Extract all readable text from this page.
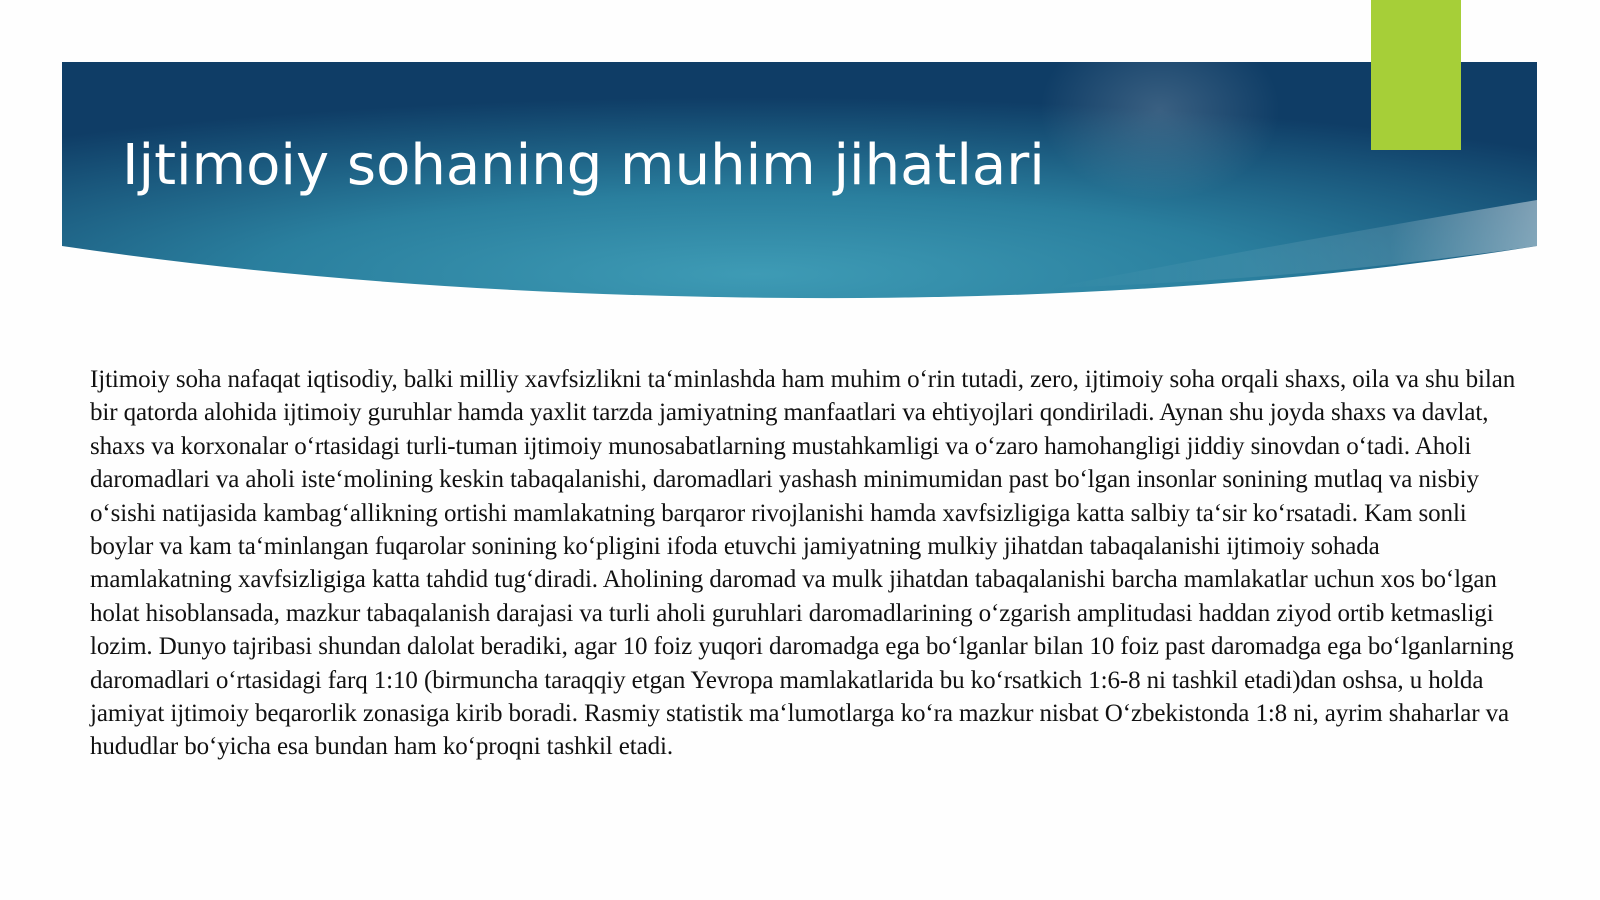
Ijtimoiy sohaning muhim jihatlari

Ijtimoiy soha nafaqat iqtisodiy, balki milliy xavfsizlikni taʻminlashda ham muhim oʻrin tutadi, zero, ijtimoiy soha orqali shaxs, oila va shu bilan bir qatorda alohida ijtimoiy guruhlar hamda yaxlit tarzda jamiyatning manfaatlari va ehtiyojlari qondiriladi. Aynan shu joyda shaxs va davlat, shaxs va korxonalar oʻrtasidagi turli-tuman ijtimoiy munosabatlarning mustahkamligi va oʻzaro hamohangligi jiddiy sinovdan oʻtadi. Aholi daromadlari va aholi isteʻmolining keskin tabaqalanishi, daromadlari yashash minimumidan past boʻlgan insonlar sonining mutlaq va nisbiy oʻsishi natijasida kambagʻallikning ortishi mamlakatning barqaror rivojlanishi hamda xavfsizligiga katta salbiy taʻsir koʻrsatadi. Kam sonli boylar va kam taʻminlangan fuqarolar sonining koʻpligini ifoda etuvchi jamiyatning mulkiy jihatdan tabaqalanishi ijtimoiy sohada mamlakatning xavfsizligiga katta tahdid tugʻdiradi. Aholining daromad va mulk jihatdan tabaqalanishi barcha mamlakatlar uchun xos boʻlgan holat hisoblansada, mazkur tabaqalanish darajasi va turli aholi guruhlari daromadlarining oʻzgarish amplitudasi haddan ziyod ortib ketmasligi lozim. Dunyo tajribasi shundan dalolat beradiki, agar 10 foiz yuqori daromadga ega boʻlganlar bilan 10 foiz past daromadga ega boʻlganlarning daromadlari oʻrtasidagi farq 1:10 (birmuncha taraqqiy etgan Yevropa mamlakatlarida bu koʻrsatkich 1:6-8 ni tashkil etadi)dan oshsa, u holda jamiyat ijtimoiy beqarorlik zonasiga kirib boradi. Rasmiy statistik maʻlumotlarga koʻra mazkur nisbat Oʻzbekistonda 1:8 ni, ayrim shaharlar va hududlar boʻyicha esa bundan ham koʻproqni tashkil etadi.
